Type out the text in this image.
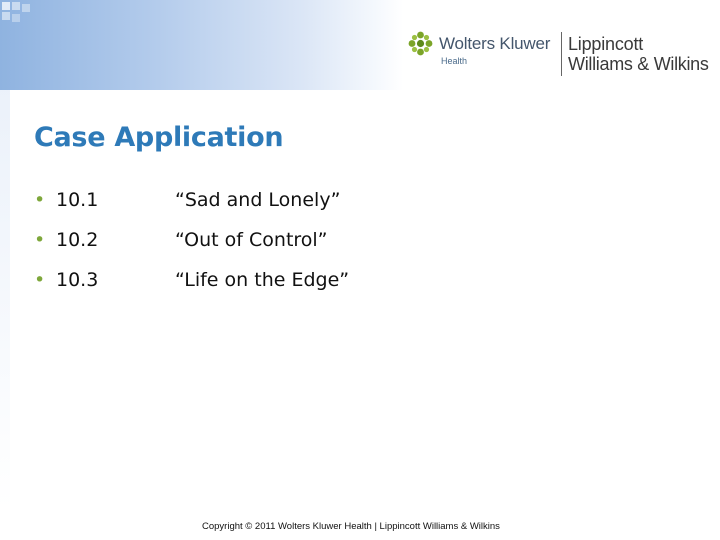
Wolters Kluwer
Health
Lippincott
Williams & Wilkins
Case Application
• 10.1	“Sad and Lonely”
• 10.2	“Out of Control”
• 10.3	“Life on the Edge”
Copyright © 2011 Wolters Kluwer Health | Lippincott Williams & Wilkins
